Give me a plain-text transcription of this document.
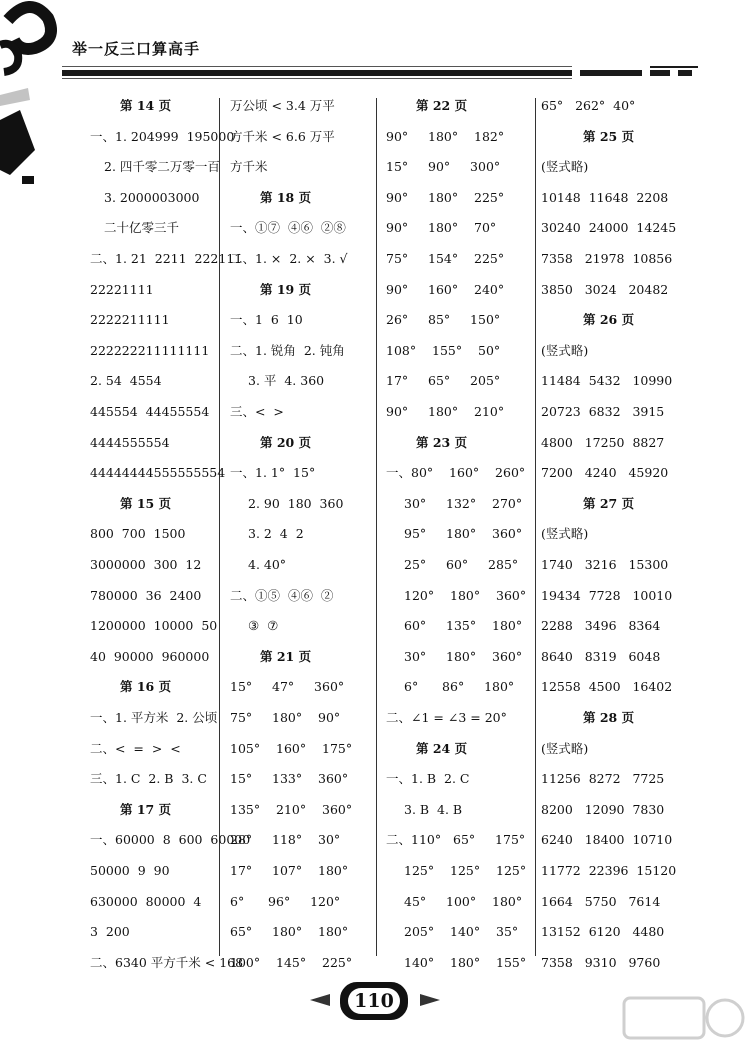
举一反三口算高手
第 14 页
一、1. 204999  195000
2. 四千零二万零一百
3. 2000003000
二十亿零三千
二、1. 21  2211  222111
22221111
2222211111
222222211111111
2. 54  4554
445554  44455554
4444555554
44444444555555554
第 15 页
800  700  1500
3000000  300  12
780000  36  2400
1200000  10000  50
40  90000  960000
第 16 页
一、1. 平方米  2. 公顷
二、<  =  >  <
三、1. C  2. B  3. C
第 17 页
一、60000  8  600  60000
50000  9  90
630000  80000  4
3  200
二、6340 平方千米 < 168
万公顷 < 3.4 万平
方千米 < 6.6 万平
方千米
第 18 页
一、①⑦  ④⑥  ②⑧
二、1. ×  2. ×  3. √
第 19 页
一、1  6  10
二、1. 锐角  2. 钝角
3. 平  4. 360
三、<  >
第 20 页
一、1. 1°  15°
2. 90  180  360
3. 2  4  2
4. 40°
二、①⑤  ④⑥  ②
③  ⑦
第 21 页
15°     47°     360°
75°     180°    90°
105°    160°    175°
15°     133°    360°
135°    210°    360°
28°     118°    30°
17°     107°    180°
6°      96°     120°
65°     180°    180°
100°    145°    225°
第 22 页
90°     180°    182°
15°     90°     300°
90°     180°    225°
90°     180°    70°
75°     154°    225°
90°     160°    240°
26°     85°     150°
108°    155°    50°
17°     65°     205°
90°     180°    210°
第 23 页
一、80°    160°    260°
30°     132°    270°
95°     180°    360°
25°     60°     285°
120°    180°    360°
60°     135°    180°
30°     180°    360°
6°      86°     180°
二、∠1 = ∠3 = 20°
第 24 页
一、1. B  2. C
3. B  4. B
二、110°   65°     175°
125°    125°    125°
45°     100°    180°
205°    140°    35°
140°    180°    155°
65°   262°  40°
第 25 页
(竖式略)
10148  11648  2208
30240  24000  14245
7358   21978  10856
3850   3024   20482
第 26 页
(竖式略)
11484  5432   10990
20723  6832   3915
4800   17250  8827
7200   4240   45920
第 27 页
(竖式略)
1740   3216   15300
19434  7728   10010
2288   3496   8364
8640   8319   6048
12558  4500   16402
第 28 页
(竖式略)
11256  8272   7725
8200   12090  7830
6240   18400  10710
11772  22396  15120
1664   5750   7614
13152  6120   4480
7358   9310   9760
110
